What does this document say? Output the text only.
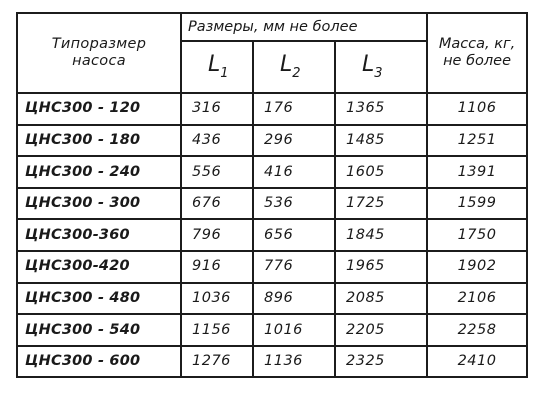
Типоразмер
насоса	Размеры, мм не более			Масса, кг,
не более

	$L_1$	$L_2$	$L_3$

ЦНС300 - 120	316	176	1365	1106
ЦНС300 - 180	436	296	1485	1251
ЦНС300 - 240	556	416	1605	1391
ЦНС300 - 300	676	536	1725	1599
ЦНС300-360	796	656	1845	1750
ЦНС300-420	916	776	1965	1902
ЦНС300 - 480	1036	896	2085	2106
ЦНС300 - 540	1156	1016	2205	2258
ЦНС300 - 600	1276	1136	2325	2410
